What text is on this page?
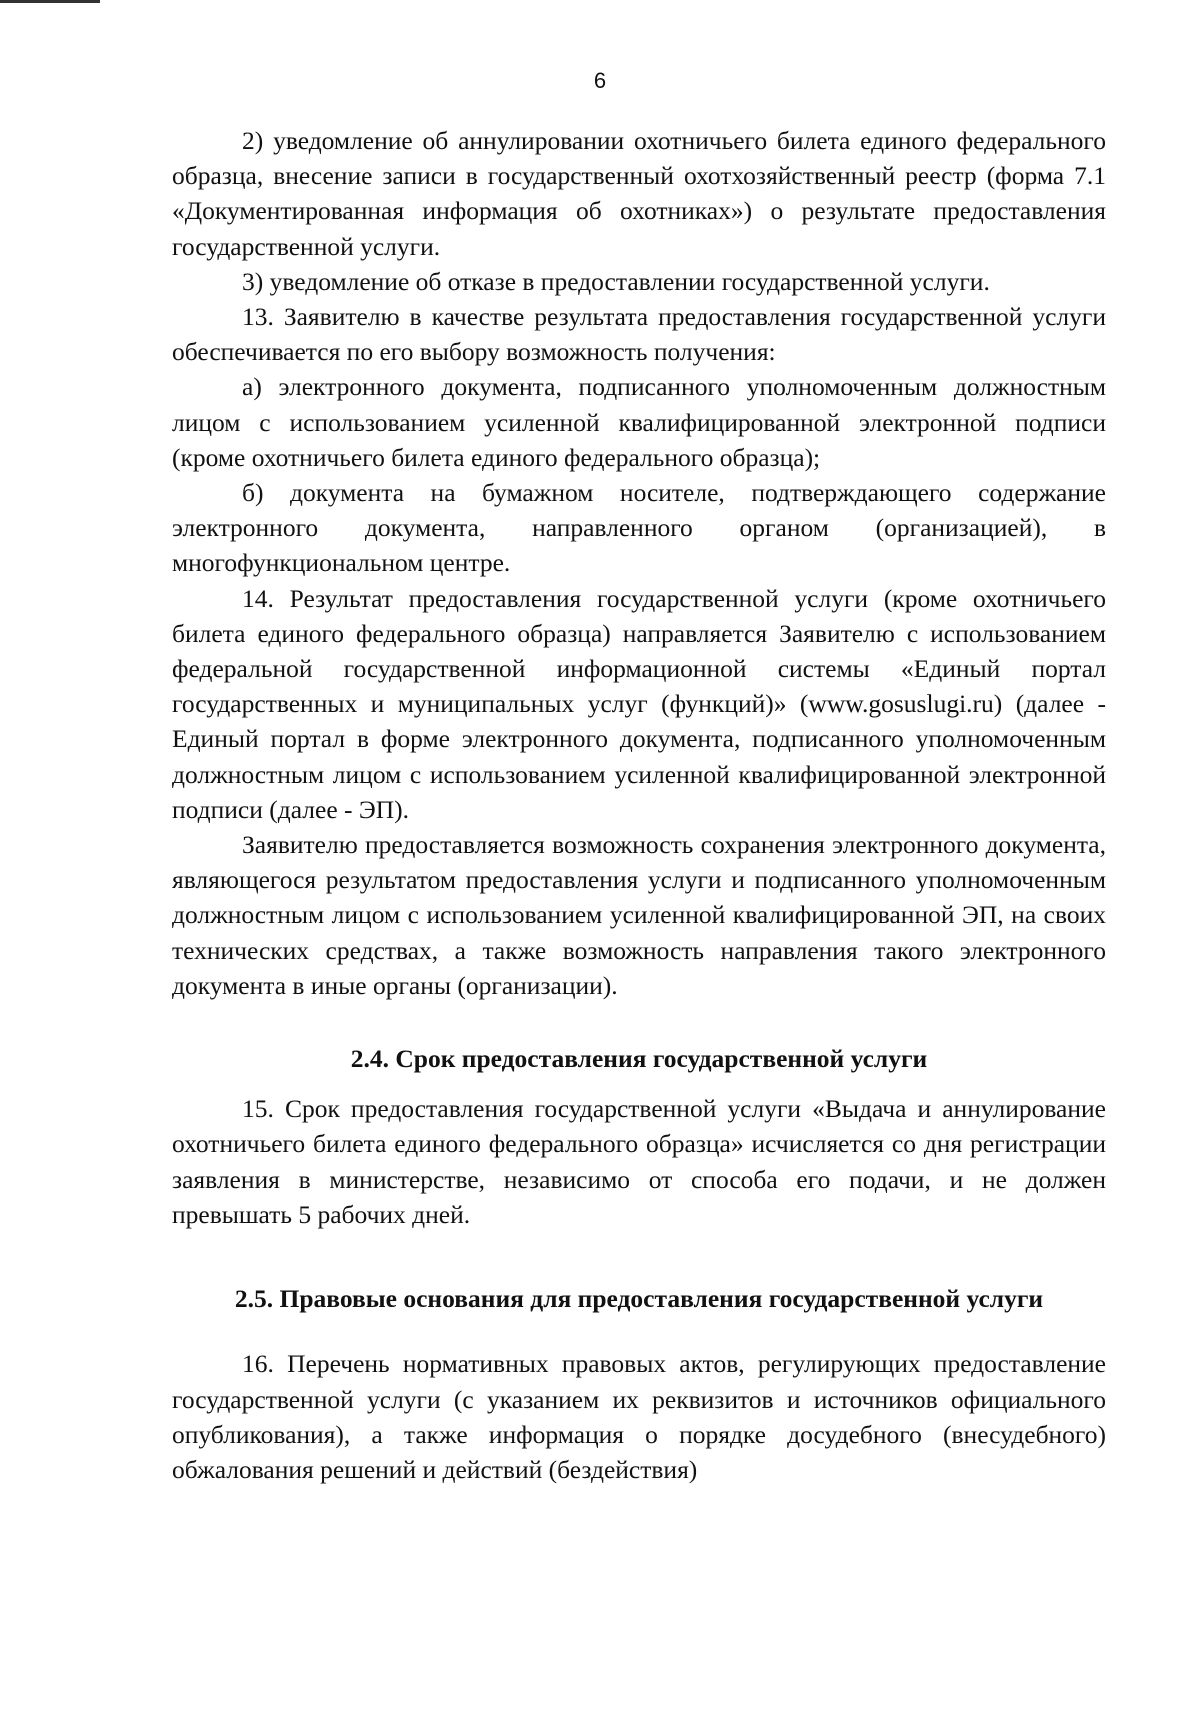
6

2) уведомление об аннулировании охотничьего билета единого федерального образца, внесение записи в государственный охотхозяйственный реестр (форма 7.1 «Документированная информация об охотниках») о результате предоставления государственной услуги.

3) уведомление об отказе в предоставлении государственной услуги.

13. Заявителю в качестве результата предоставления государственной услуги обеспечивается по его выбору возможность получения:

а) электронного документа, подписанного уполномоченным должностным лицом с использованием усиленной квалифицированной электронной подписи (кроме охотничьего билета единого федерального образца);

б) документа на бумажном носителе, подтверждающего содержание электронного документа, направленного органом (организацией), в многофункциональном центре.

14. Результат предоставления государственной услуги (кроме охотничьего билета единого федерального образца) направляется Заявителю с использованием федеральной государственной информационной системы «Единый портал государственных и муниципальных услуг (функций)» (www.gosuslugi.ru) (далее - Единый портал в форме электронного документа, подписанного уполномоченным должностным лицом с использованием усиленной квалифицированной электронной подписи (далее - ЭП).

Заявителю предоставляется возможность сохранения электронного документа, являющегося результатом предоставления услуги и подписанного уполномоченным должностным лицом с использованием усиленной квалифицированной ЭП, на своих технических средствах, а также возможность направления такого электронного документа в иные органы (организации).

2.4. Срок предоставления государственной услуги

15. Срок предоставления государственной услуги «Выдача и аннулирование охотничьего билета единого федерального образца» исчисляется со дня регистрации заявления в министерстве, независимо от способа его подачи, и не должен превышать 5 рабочих дней.

2.5. Правовые основания для предоставления государственной услуги

16. Перечень нормативных правовых актов, регулирующих предоставление государственной услуги (с указанием их реквизитов и источников официального опубликования), а также информация о порядке досудебного (внесудебного) обжалования решений и действий (бездействия)
